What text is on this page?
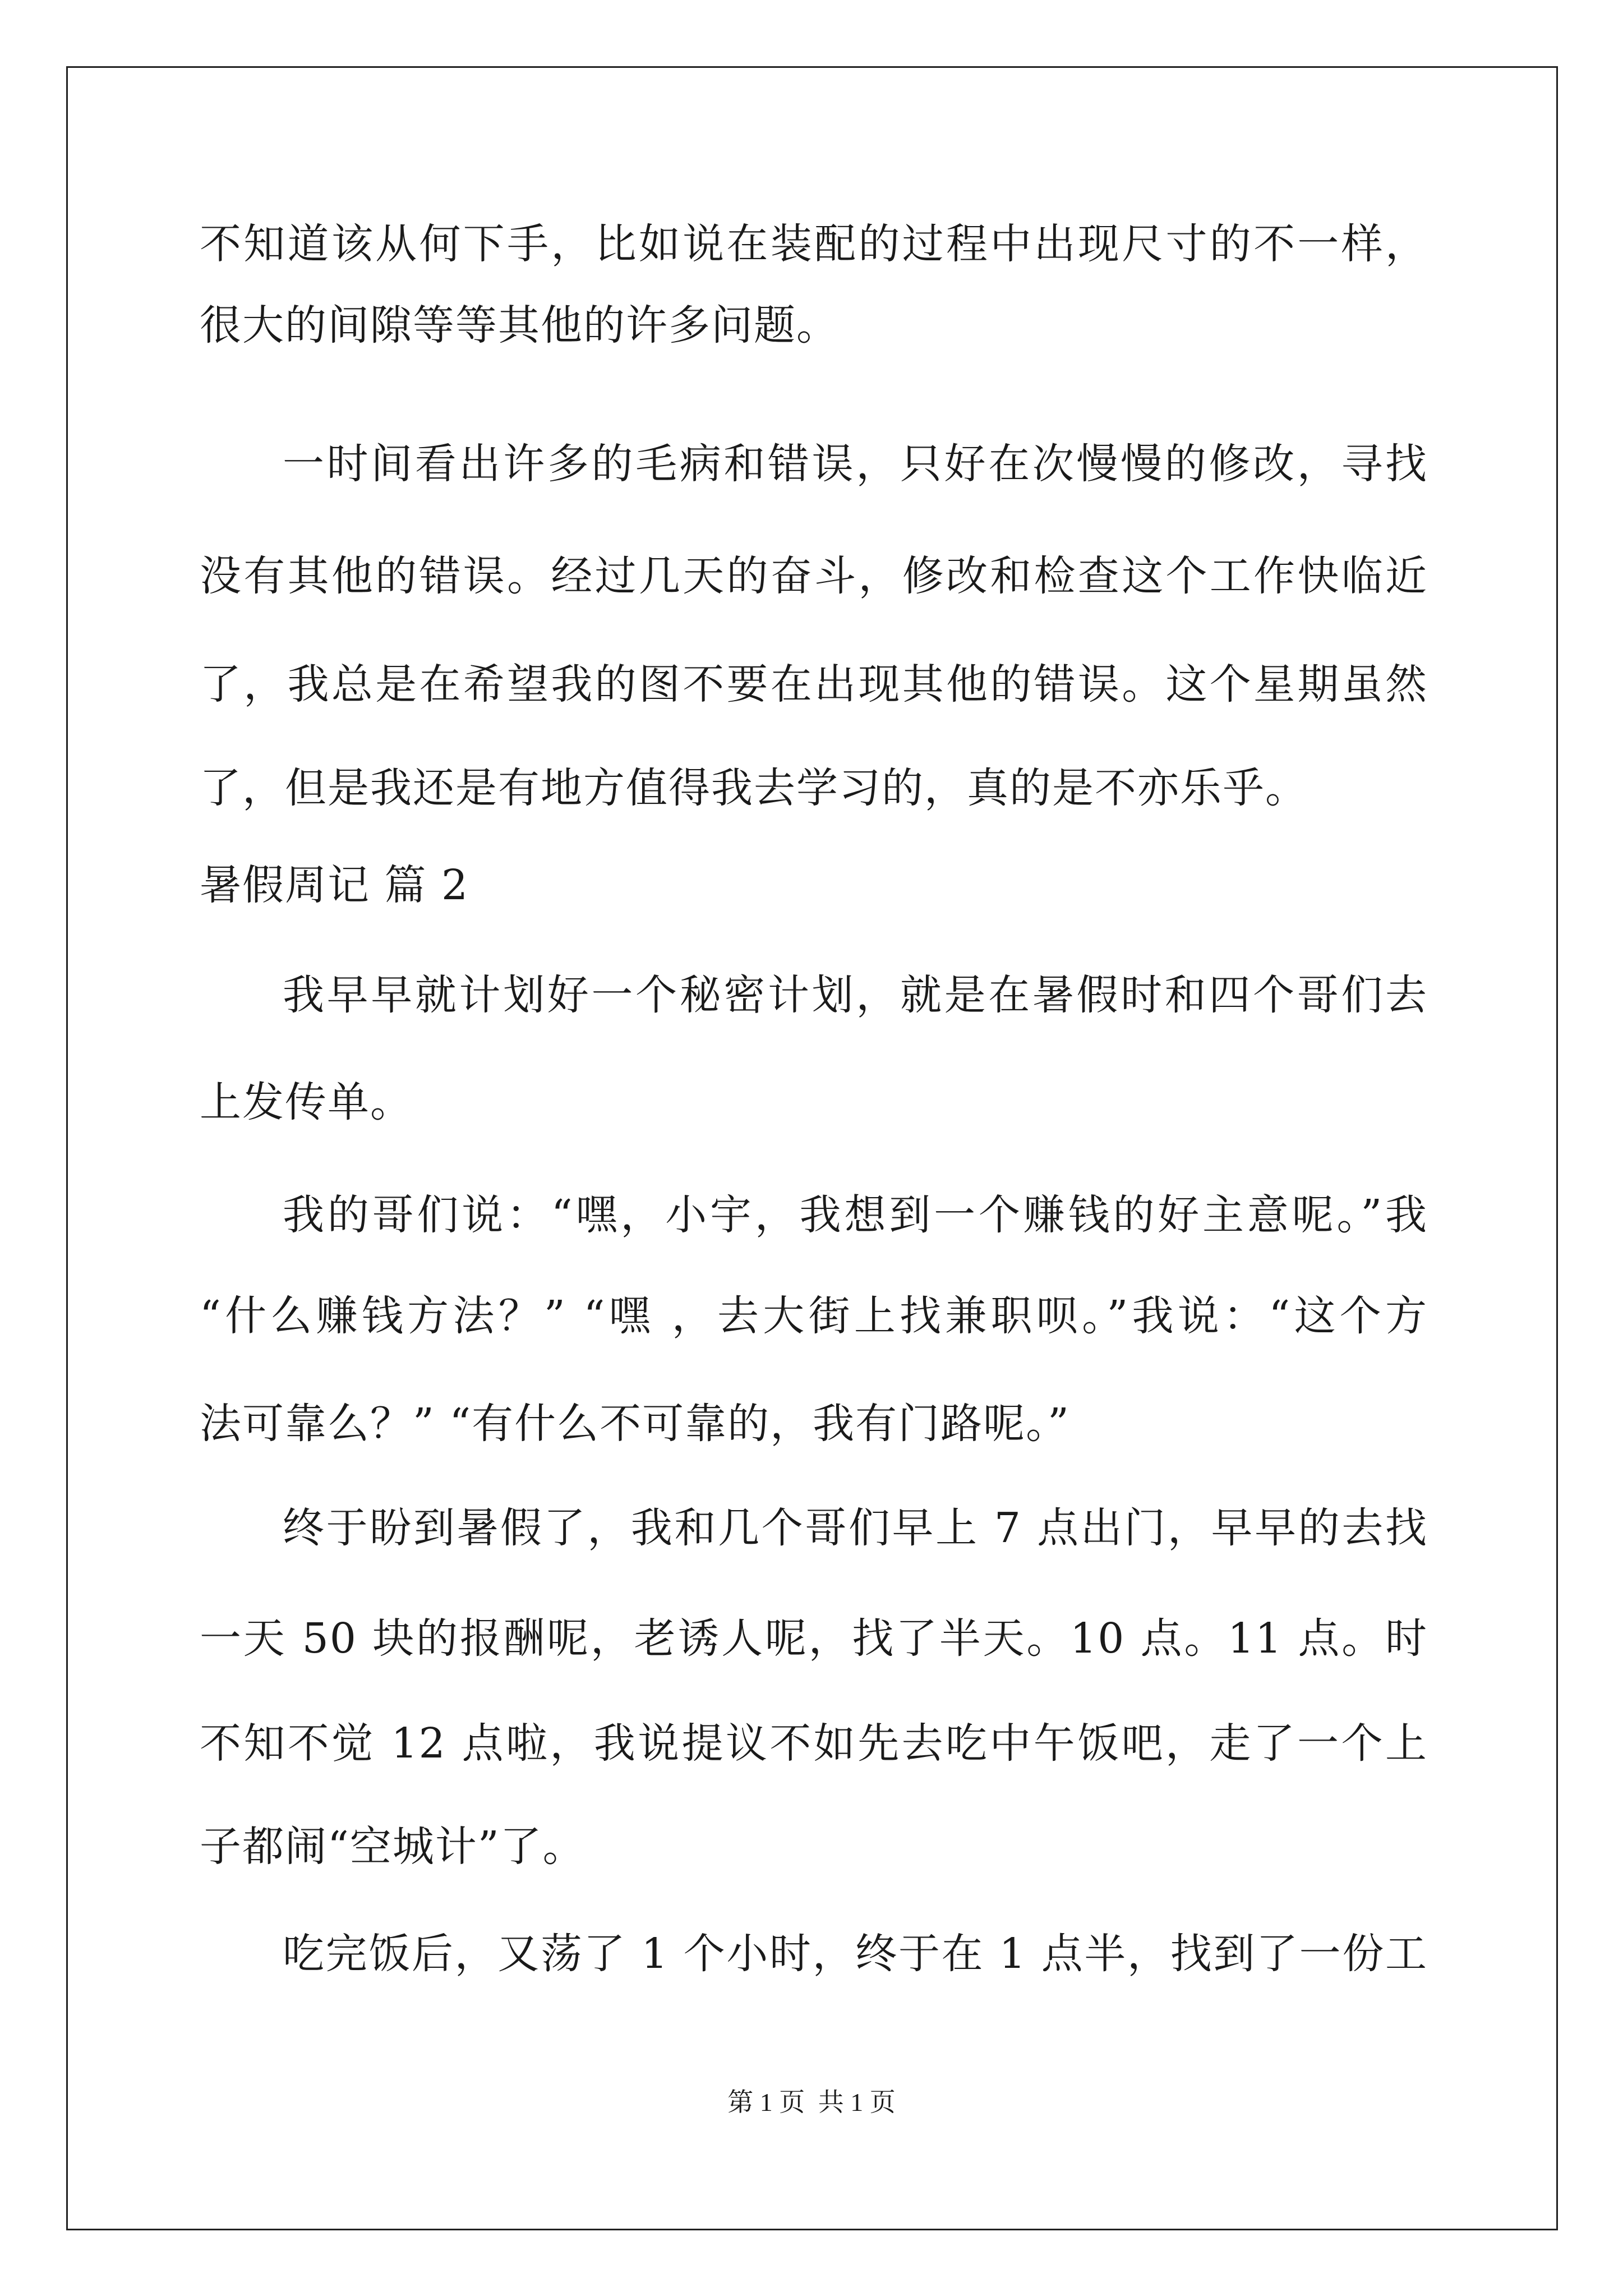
不知道该从何下手，比如说在装配的过程中出现尺寸的不一样，
很大的间隙等等其他的许多问题。
一时间看出许多的毛病和错误，只好在次慢慢的修改，寻找
没有其他的错误。经过几天的奋斗，修改和检查这个工作快临近
了，我总是在希望我的图不要在出现其他的错误。这个星期虽然
了，但是我还是有地方值得我去学习的，真的是不亦乐乎。
暑假周记 篇 2
我早早就计划好一个秘密计划，就是在暑假时和四个哥们去
上发传单。
我的哥们说：“嘿，小宇，我想到一个赚钱的好主意呢。”我
“什么赚钱方法？” “嘿 ，去大街上找兼职呗。”我说：“这个方
法可靠么？” “有什么不可靠的，我有门路呢。”
终于盼到暑假了，我和几个哥们早上 7 点出门，早早的去找
一天 50 块的报酬呢，老诱人呢，找了半天。10 点。11 点。时
不知不觉 12 点啦，我说提议不如先去吃中午饭吧，走了一个上
子都闹“空城计”了。
吃完饭后，又荡了 1 个小时，终于在 1 点半，找到了一份工
第 1 页 共 1 页
